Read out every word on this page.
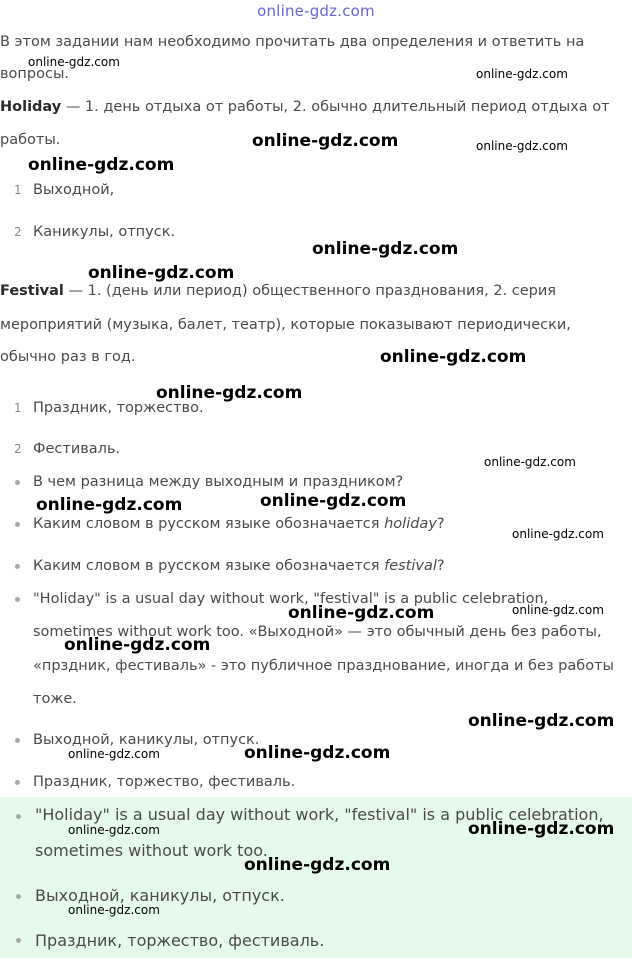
online-gdz.com
В этом задании нам необходимо прочитать два определения и ответить на
вопросы.
Holiday — 1. день отдыха от работы, 2. обычно длительный период отдыха от
работы.
1 Выходной,
2 Каникулы, отпуск.
Festival — 1. (день или период) общественного празднования, 2. серия
мероприятий (музыка, балет, театр), которые показывают периодически,
обычно раз в год.
1 Праздник, торжество.
2 Фестиваль.
В чем разница между выходным и праздником?
Каким словом в русском языке обозначается holiday?
Каким словом в русском языке обозначается festival?
"Holiday" is a usual day without work, "festival" is a public celebration,
sometimes without work too. «Выходной» — это обычный день без работы,
«прздник, фестиваль» - это публичное празднование, иногда и без работы
тоже.
Выходной, каникулы, отпуск.
Праздник, торжество, фестиваль.
"Holiday" is a usual day without work, "festival" is a public celebration,
sometimes without work too.
Выходной, каникулы, отпуск.
Праздник, торжество, фестиваль.
online-gdz.com
online-gdz.com
online-gdz.com	online-gdz.com
online-gdz.com
online-gdz.com
online-gdz.com
online-gdz.com
online-gdz.com
online-gdz.com
online-gdz.com	online-gdz.com
online-gdz.com
online-gdz.com	online-gdz.com
online-gdz.com
online-gdz.com
online-gdz.com	online-gdz.com
online-gdz.com	online-gdz.com
online-gdz.com
online-gdz.com
